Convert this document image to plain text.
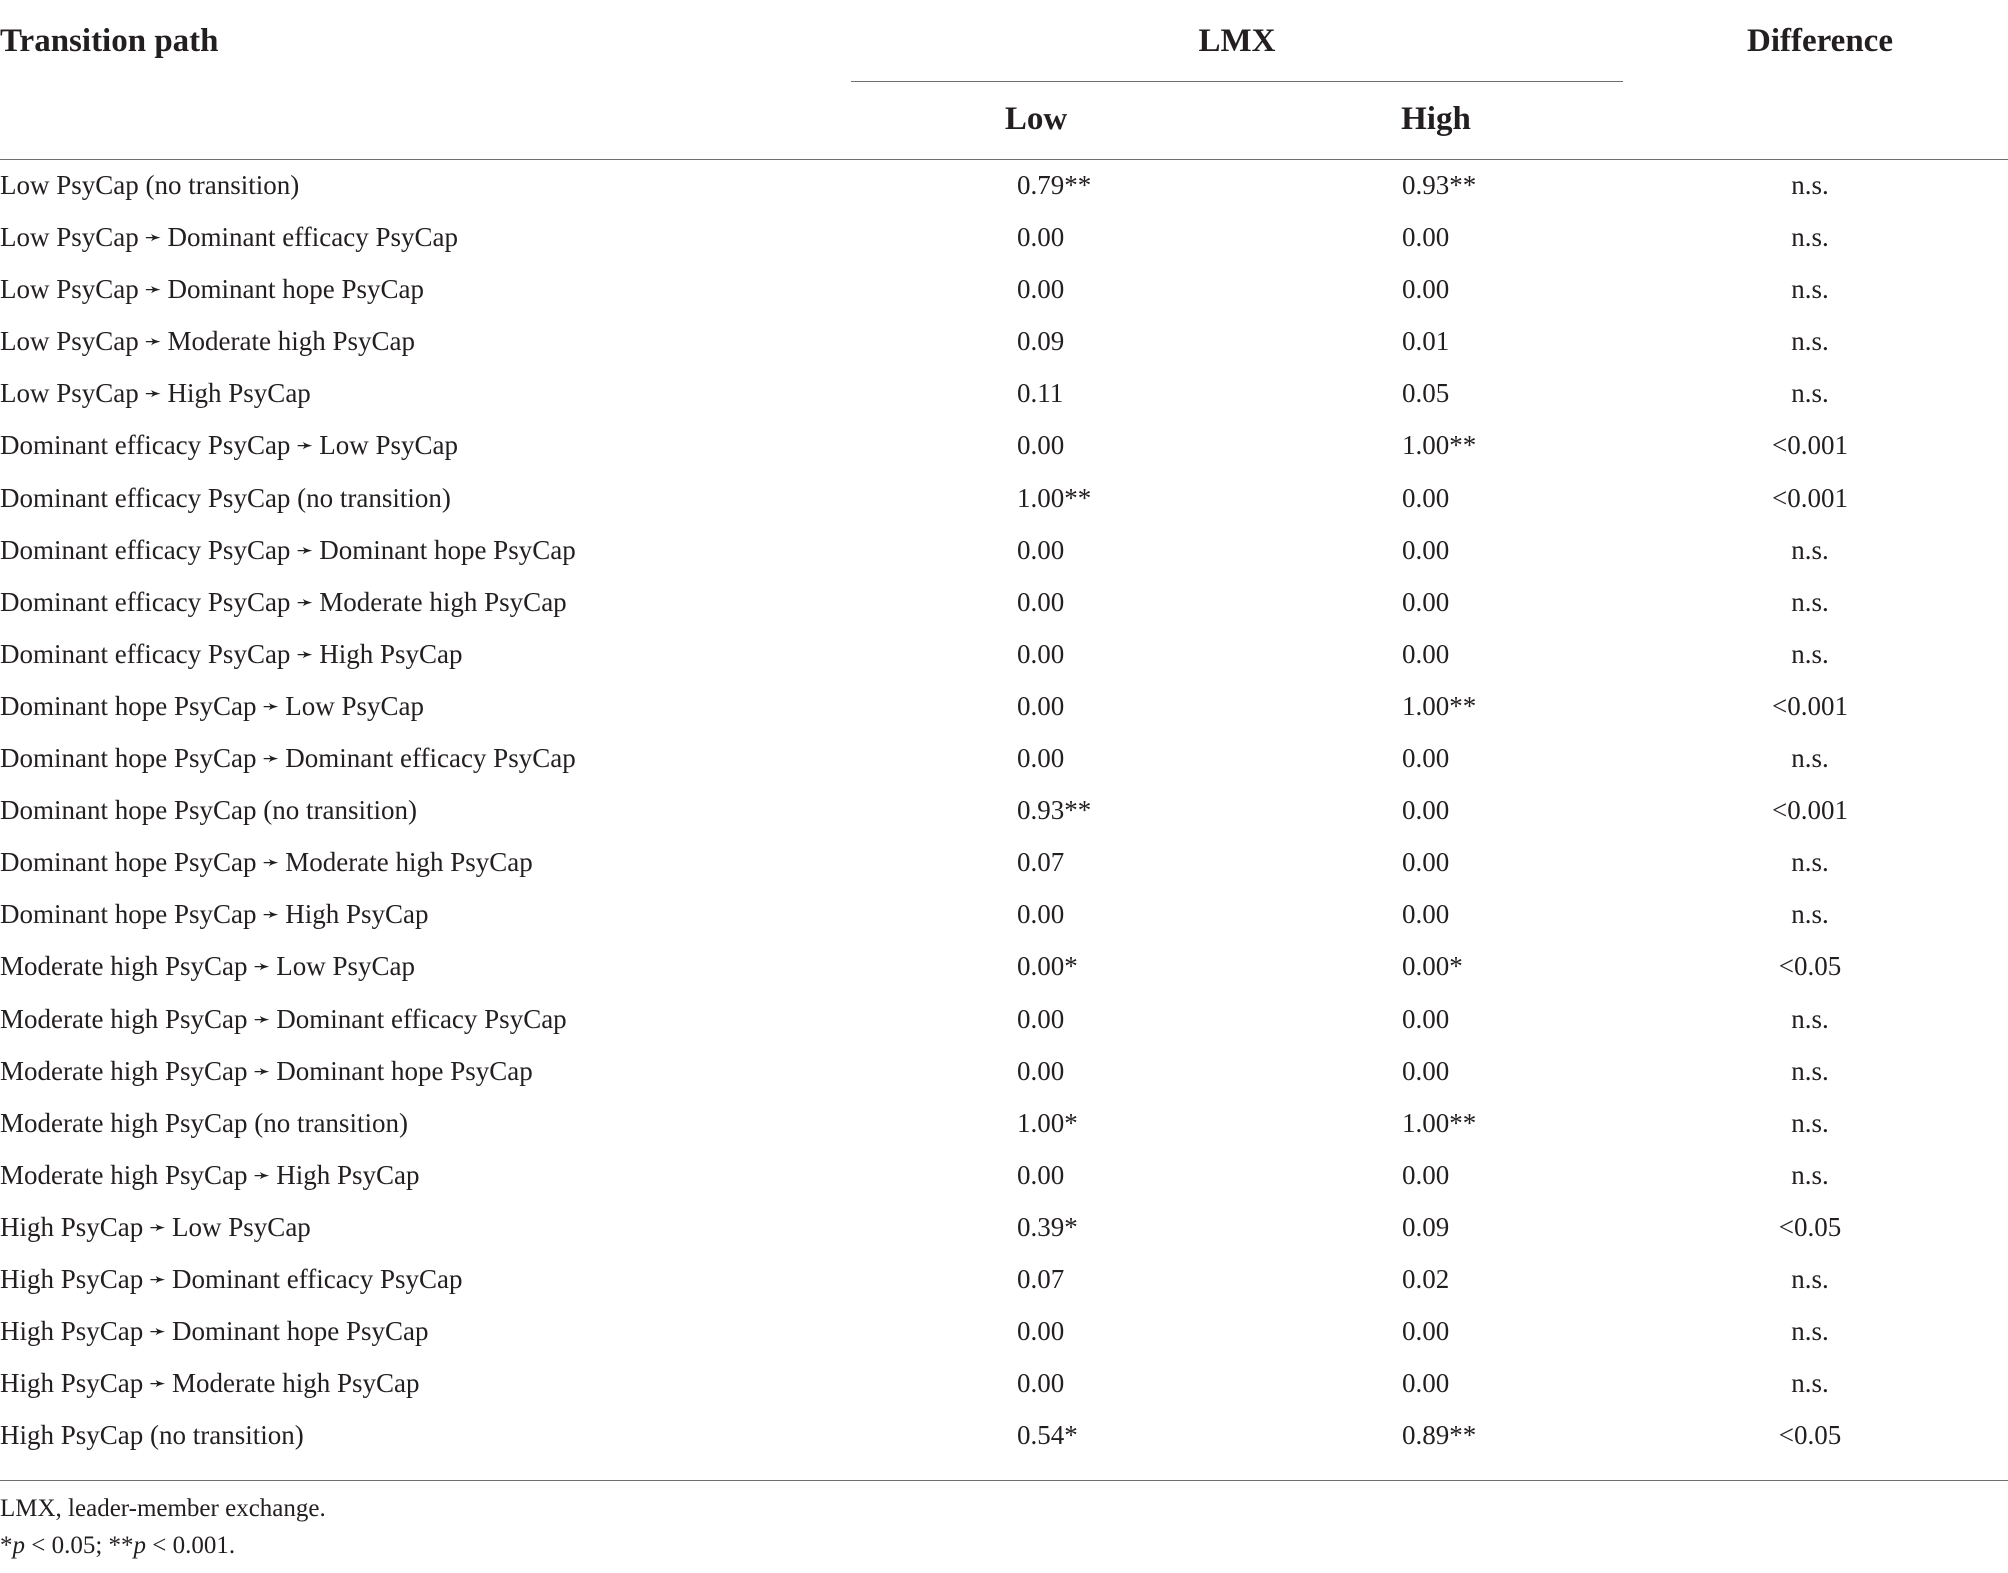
Transition path	LMX	Difference
Low	High
Low PsyCap (no transition)	0.79**	0.93**	n.s.
Low PsyCap ➛ Dominant efficacy PsyCap	0.00	0.00	n.s.
Low PsyCap ➛ Dominant hope PsyCap	0.00	0.00	n.s.
Low PsyCap ➛ Moderate high PsyCap	0.09	0.01	n.s.
Low PsyCap ➛ High PsyCap	0.11	0.05	n.s.
Dominant efficacy PsyCap ➛ Low PsyCap	0.00	1.00**	<0.001
Dominant efficacy PsyCap (no transition)	1.00**	0.00	<0.001
Dominant efficacy PsyCap ➛ Dominant hope PsyCap	0.00	0.00	n.s.
Dominant efficacy PsyCap ➛ Moderate high PsyCap	0.00	0.00	n.s.
Dominant efficacy PsyCap ➛ High PsyCap	0.00	0.00	n.s.
Dominant hope PsyCap ➛ Low PsyCap	0.00	1.00**	<0.001
Dominant hope PsyCap ➛ Dominant efficacy PsyCap	0.00	0.00	n.s.
Dominant hope PsyCap (no transition)	0.93**	0.00	<0.001
Dominant hope PsyCap ➛ Moderate high PsyCap	0.07	0.00	n.s.
Dominant hope PsyCap ➛ High PsyCap	0.00	0.00	n.s.
Moderate high PsyCap ➛ Low PsyCap	0.00*	0.00*	<0.05
Moderate high PsyCap ➛ Dominant efficacy PsyCap	0.00	0.00	n.s.
Moderate high PsyCap ➛ Dominant hope PsyCap	0.00	0.00	n.s.
Moderate high PsyCap (no transition)	1.00*	1.00**	n.s.
Moderate high PsyCap ➛ High PsyCap	0.00	0.00	n.s.
High PsyCap ➛ Low PsyCap	0.39*	0.09	<0.05
High PsyCap ➛ Dominant efficacy PsyCap	0.07	0.02	n.s.
High PsyCap ➛ Dominant hope PsyCap	0.00	0.00	n.s.
High PsyCap ➛ Moderate high PsyCap	0.00	0.00	n.s.
High PsyCap (no transition)	0.54*	0.89**	<0.05
LMX, leader-member exchange.
*p < 0.05; **p < 0.001.
